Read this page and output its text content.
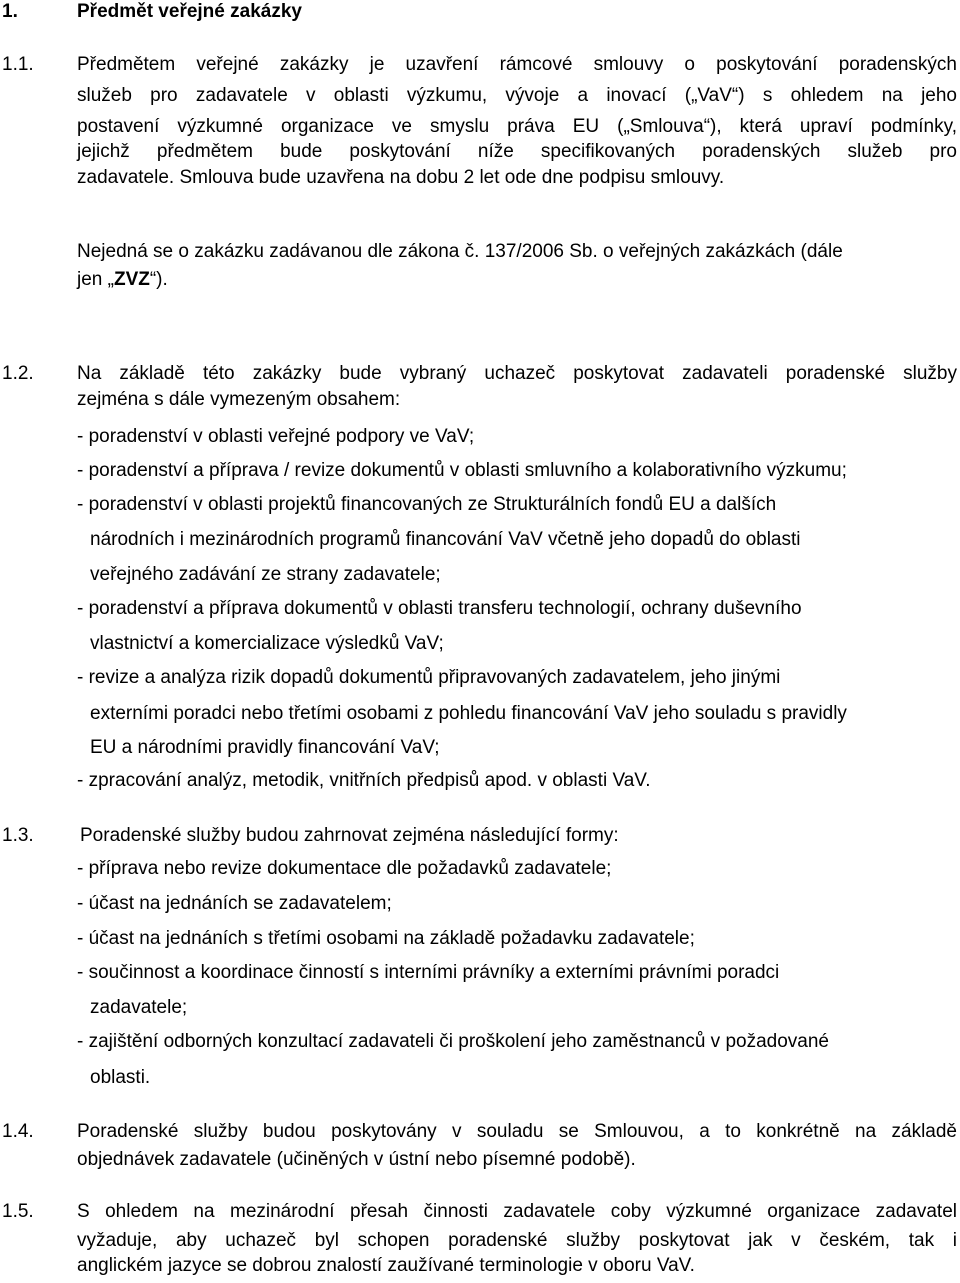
1.	Předmět veřejné zakázky
1.1. Předmětem veřejné zakázky je uzavření rámcové smlouvy o poskytování poradenských
služeb pro zadavatele v oblasti výzkumu, vývoje a inovací („VaV“) s ohledem na jeho
postavení výzkumné organizace ve smyslu práva EU („Smlouva“), která upraví podmínky,
jejichž předmětem bude poskytování níže specifikovaných poradenských služeb pro
zadavatele. Smlouva bude uzavřena na dobu 2 let ode dne podpisu smlouvy.
Nejedná se o zakázku zadávanou dle zákona č. 137/2006 Sb. o veřejných zakázkách (dále
jen „ZVZ“).
1.2. Na základě této zakázky bude vybraný uchazeč poskytovat zadavateli poradenské služby
zejména s dále vymezeným obsahem:
- poradenství v oblasti veřejné podpory ve VaV;
- poradenství a příprava / revize dokumentů v oblasti smluvního a kolaborativního výzkumu;
- poradenství v oblasti projektů financovaných ze Strukturálních fondů EU a dalších
národních i mezinárodních programů financování VaV včetně jeho dopadů do oblasti
veřejného zadávání ze strany zadavatele;
- poradenství a příprava dokumentů v oblasti transferu technologií, ochrany duševního
vlastnictví a komercializace výsledků VaV;
- revize a analýza rizik dopadů dokumentů připravovaných zadavatelem, jeho jinými
externími poradci nebo třetími osobami z pohledu financování VaV jeho souladu s pravidly
EU a národními pravidly financování VaV;
- zpracování analýz, metodik, vnitřních předpisů apod. v oblasti VaV.
1.3. Poradenské služby budou zahrnovat zejména následující formy:
- příprava nebo revize dokumentace dle požadavků zadavatele;
- účast na jednáních se zadavatelem;
- účast na jednáních s třetími osobami na základě požadavku zadavatele;
- součinnost a koordinace činností s interními právníky a externími právními poradci
zadavatele;
- zajištění odborných konzultací zadavateli či proškolení jeho zaměstnanců v požadované
oblasti.
1.4. Poradenské služby budou poskytovány v souladu se Smlouvou, a to konkrétně na základě
objednávek zadavatele (učiněných v ústní nebo písemné podobě).
1.5. S ohledem na mezinárodní přesah činnosti zadavatele coby výzkumné organizace zadavatel
vyžaduje, aby uchazeč byl schopen poradenské služby poskytovat jak v českém, tak i
anglickém jazyce se dobrou znalostí zaužívané terminologie v oboru VaV.
